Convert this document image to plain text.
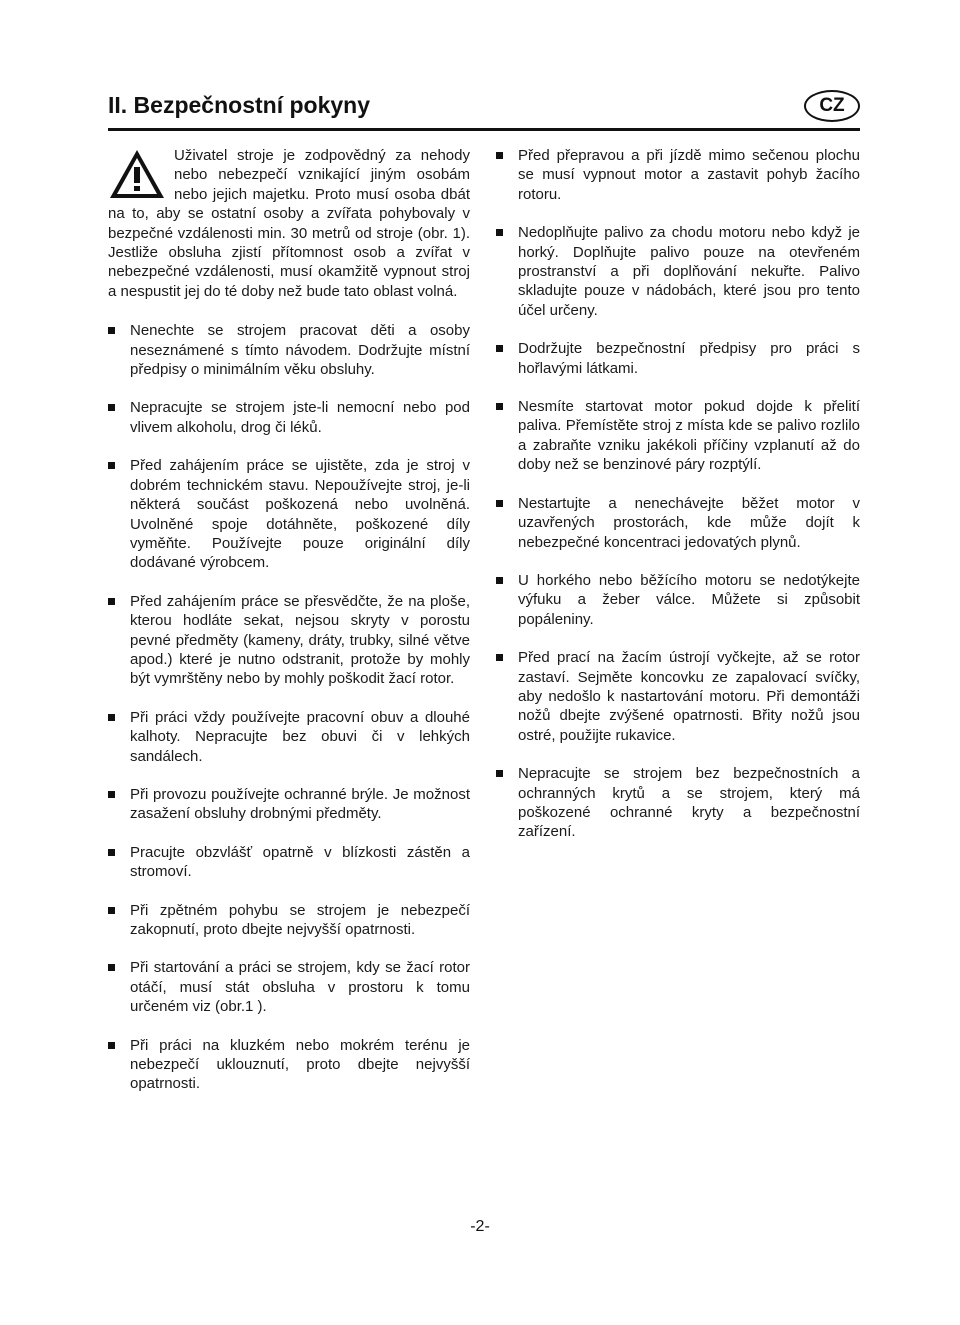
II. Bezpečnostní pokyny	CZ
Uživatel stroje je zodpovědný za nehody nebo nebezpečí vznikající jiným osobám nebo jejich majetku. Proto musí osoba dbát na to, aby se ostatní osoby a zvířata pohybovaly v bezpečné vzdálenosti min. 30 metrů od stroje (obr. 1). Jestliže obsluha zjistí přítomnost osob a zvířat v nebezpečné vzdálenosti, musí okamžitě vypnout stroj a nespustit jej do té doby než bude tato oblast volná.
Nenechte se strojem pracovat děti a osoby neseznámené s tímto návodem. Dodržujte místní předpisy o minimálním věku obsluhy.
Nepracujte se strojem jste-li nemocní nebo pod vlivem alkoholu, drog či léků.
Před zahájením práce se ujistěte, zda je stroj v dobrém technickém stavu. Nepoužívejte stroj, je-li některá součást poškozená nebo uvolněná. Uvolněné spoje dotáhněte, poškozené díly vyměňte. Používejte pouze originální díly dodávané výrobcem.
Před zahájením práce se přesvědčte, že na ploše, kterou hodláte sekat, nejsou skryty v porostu pevné předměty (kameny, dráty, trubky, silné větve apod.) které je nutno odstranit, protože by mohly být vymrštěny nebo by mohly poškodit žací rotor.
Při práci vždy používejte pracovní obuv a dlouhé kalhoty. Nepracujte bez obuvi či v lehkých sandálech.
Při provozu používejte ochranné brýle. Je možnost zasažení obsluhy drobnými předměty.
Pracujte obzvlášť opatrně v blízkosti zástěn a stromoví.
Při zpětném pohybu se strojem je nebezpečí zakopnutí, proto dbejte nejvyšší opatrnosti.
Při startování a práci se strojem, kdy se žací rotor otáčí, musí stát obsluha v prostoru k tomu určeném viz (obr.1 ).
Při práci na kluzkém nebo mokrém terénu je nebezpečí uklouznutí, proto dbejte nejvyšší opatrnosti.
Před přepravou a při jízdě mimo sečenou plochu se musí vypnout motor a zastavit pohyb žacího rotoru.
Nedoplňujte palivo za chodu motoru nebo když je horký. Doplňujte palivo pouze na otevřeném prostranství a při doplňování nekuřte. Palivo skladujte pouze v nádobách, které jsou pro tento účel určeny.
Dodržujte bezpečnostní předpisy pro práci s hořlavými látkami.
Nesmíte startovat motor pokud dojde k přelití paliva. Přemístěte stroj z místa kde se palivo rozlilo a zabraňte vzniku jakékoli příčiny vzplanutí až do doby než se benzinové páry rozptýlí.
Nestartujte a nenechávejte běžet motor v uzavřených prostorách, kde může dojít k nebezpečné koncentraci jedovatých plynů.
U horkého nebo běžícího motoru se nedotýkejte výfuku a žeber válce. Můžete si způsobit popáleniny.
Před prací na žacím ústrojí vyčkejte, až se rotor zastaví. Sejměte koncovku ze zapalovací svíčky, aby nedošlo k nastartování motoru. Při demontáži nožů dbejte zvýšené opatrnosti. Břity nožů jsou ostré, použijte rukavice.
Nepracujte se strojem bez bezpečnostních a ochranných krytů a se strojem, který má poškozené ochranné kryty a bezpečnostní zařízení.
-2-
